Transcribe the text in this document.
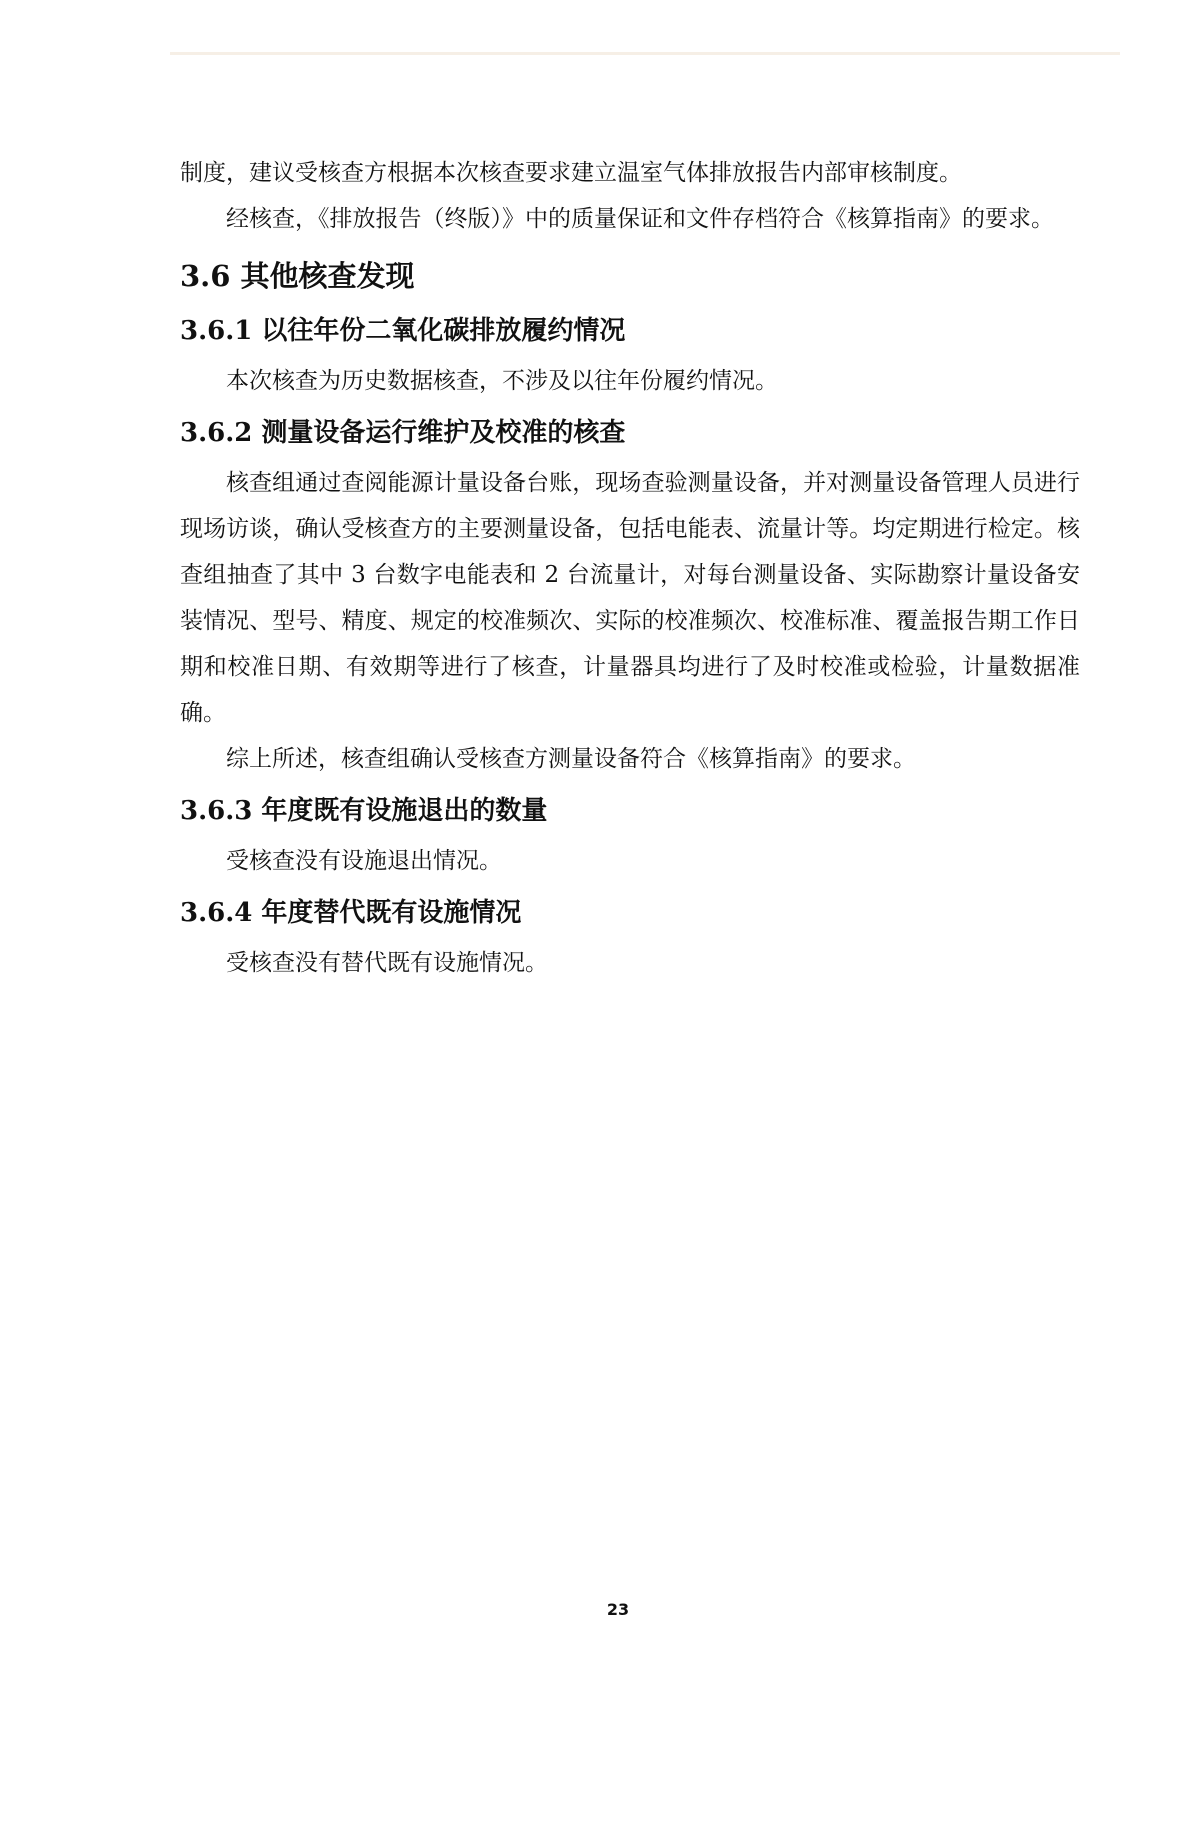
制度，建议受核查方根据本次核查要求建立温室气体排放报告内部审核制度。

经核查，《排放报告（终版）》中的质量保证和文件存档符合《核算指南》的要求。

3.6 其他核查发现
3.6.1 以往年份二氧化碳排放履约情况

本次核查为历史数据核查，不涉及以往年份履约情况。

3.6.2 测量设备运行维护及校准的核查

核查组通过查阅能源计量设备台账，现场查验测量设备，并对测量设备管理人员进行现场访谈，确认受核查方的主要测量设备，包括电能表、流量计等。均定期进行检定。核查组抽查了其中 3 台数字电能表和 2 台流量计，对每台测量设备、实际勘察计量设备安装情况、型号、精度、规定的校准频次、实际的校准频次、校准标准、覆盖报告期工作日期和校准日期、有效期等进行了核查，计量器具均进行了及时校准或检验，计量数据准确。

综上所述，核查组确认受核查方测量设备符合《核算指南》的要求。

3.6.3 年度既有设施退出的数量

受核查没有设施退出情况。

3.6.4 年度替代既有设施情况

受核查没有替代既有设施情况。

23
